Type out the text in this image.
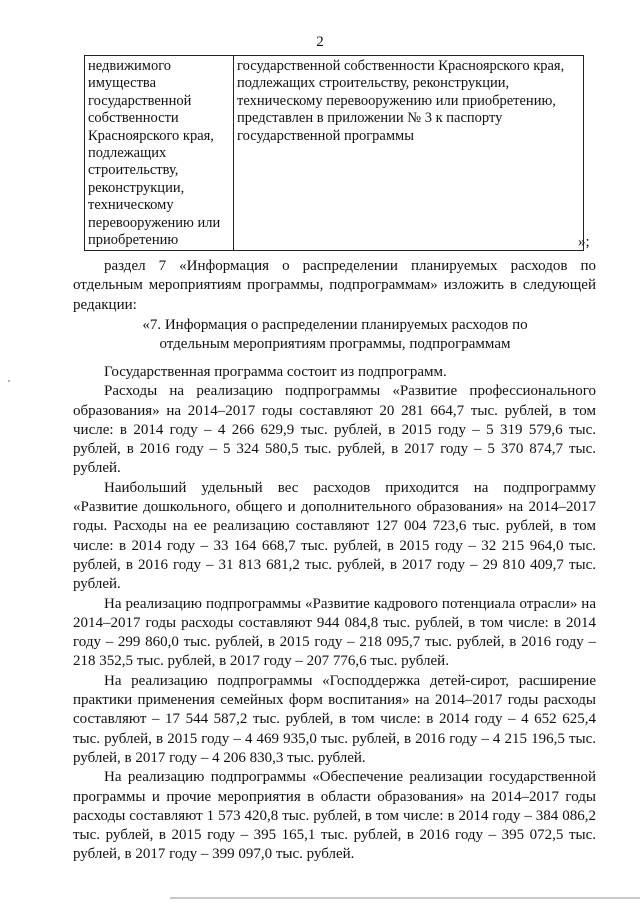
2
недвижимого имущества государственной собственности Красноярского края, подлежащих строительству, реконструкции, техническому перевооружению или приобретению	государственной собственности Красноярского края, подлежащих строительству, реконструкции, техническому перевооружению или приобретению, представлен в приложении № 3 к паспорту государственной программы
»;
раздел 7 «Информация о распределении планируемых расходов по отдельным мероприятиям программы, подпрограммам» изложить в следующей редакции:
«7. Информация о распределении планируемых расходов по отдельным мероприятиям программы, подпрограммам

Государственная программа состоит из подпрограмм.

Расходы на реализацию подпрограммы «Развитие профессионального образования» на 2014–2017 годы составляют 20 281 664,7 тыс. рублей, в том числе: в 2014 году – 4 266 629,9 тыс. рублей, в 2015 году – 5 319 579,6 тыс. рублей, в 2016 году – 5 324 580,5 тыс. рублей, в 2017 году – 5 370 874,7 тыс. рублей.

Наибольший удельный вес расходов приходится на подпрограмму «Развитие дошкольного, общего и дополнительного образования» на 2014–2017 годы. Расходы на ее реализацию составляют 127 004 723,6 тыс. рублей, в том числе: в 2014 году – 33 164 668,7 тыс. рублей, в 2015 году – 32 215 964,0 тыс. рублей, в 2016 году – 31 813 681,2 тыс. рублей, в 2017 году – 29 810 409,7 тыс. рублей.

На реализацию подпрограммы «Развитие кадрового потенциала отрасли» на 2014–2017 годы расходы составляют 944 084,8 тыс. рублей, в том числе: в 2014 году – 299 860,0 тыс. рублей, в 2015 году – 218 095,7 тыс. рублей, в 2016 году – 218 352,5 тыс. рублей, в 2017 году – 207 776,6 тыс. рублей.

На реализацию подпрограммы «Господдержка детей-сирот, расширение практики применения семейных форм воспитания» на 2014–2017 годы расходы составляют – 17 544 587,2 тыс. рублей, в том числе: в 2014 году – 4 652 625,4 тыс. рублей, в 2015 году – 4 469 935,0 тыс. рублей, в 2016 году – 4 215 196,5 тыс. рублей, в 2017 году – 4 206 830,3 тыс. рублей.

На реализацию подпрограммы «Обеспечение реализации государственной программы и прочие мероприятия в области образования» на 2014–2017 годы расходы составляют 1 573 420,8 тыс. рублей, в том числе: в 2014 году – 384 086,2 тыс. рублей, в 2015 году – 395 165,1 тыс. рублей, в 2016 году – 395 072,5 тыс. рублей, в 2017 году – 399 097,0 тыс. рублей.
